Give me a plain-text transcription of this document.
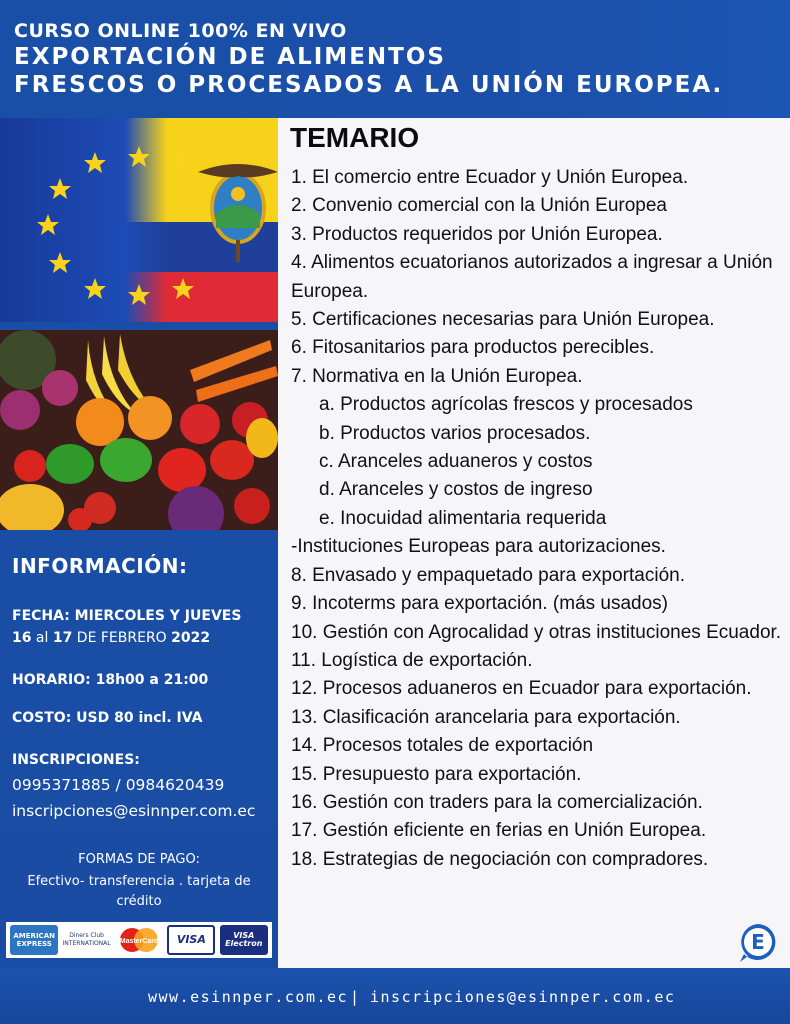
CURSO ONLINE 100% EN VIVO
EXPORTACIÓN DE ALIMENTOS
FRESCOS O PROCESADOS A LA UNIÓN EUROPEA.
INFORMACIÓN:
FECHA: MIERCOLES Y JUEVES
16 al 17 DE FEBRERO 2022
HORARIO: 18h00 a 21:00
COSTO: USD 80 incl. IVA
INSCRIPCIONES:
0995371885 / 0984620439
inscripciones@esinnper.com.ec
FORMAS DE PAGO:
Efectivo- transferencia . tarjeta de crédito
AMERICAN EXPRESS
Diners Club INTERNATIONAL MasterCard	VISA	VISA Electron
TEMARIO
1. El comercio entre Ecuador y Unión Europea.
2. Convenio comercial con la Unión Europea
3. Productos requeridos por Unión Europea.
4. Alimentos ecuatorianos autorizados a ingresar a Unión Europea.
5. Certificaciones necesarias para Unión Europea.
6. Fitosanitarios para productos perecibles.
7. Normativa en la Unión Europea.
a. Productos agrícolas frescos y procesados
b. Productos varios procesados.
c. Aranceles aduaneros y costos
d. Aranceles y costos de ingreso
e. Inocuidad alimentaria requerida
-Instituciones Europeas para autorizaciones.
8. Envasado y empaquetado para exportación.
9. Incoterms para exportación. (más usados)
10. Gestión con Agrocalidad y otras instituciones Ecuador.
11. Logística de exportación.
12. Procesos aduaneros en Ecuador para exportación.
13. Clasificación arancelaria para exportación.
14. Procesos totales de exportación
15. Presupuesto para exportación.
16. Gestión con traders para la comercialización.
17. Gestión eficiente en ferias en Unión Europea.
18. Estrategias de negociación con compradores.
E
www.esinnper.com.ec | inscripciones@esinnper.com.ec
